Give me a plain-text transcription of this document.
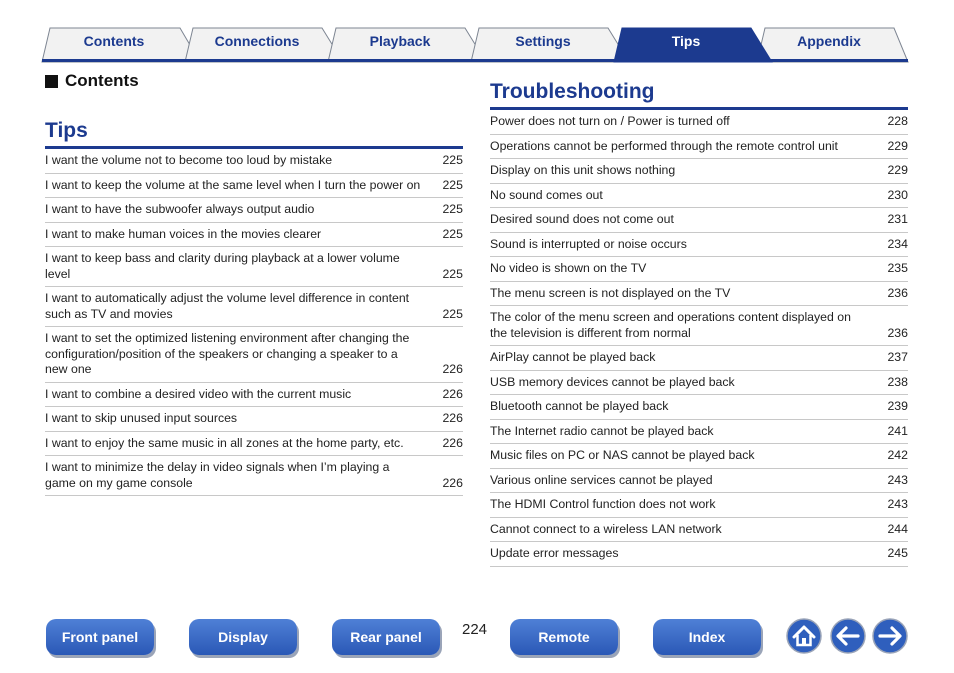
Contents	Connections	Playback	Settings	Tips	Appendix
Contents
Tips
I want the volume not to become too loud by mistake	225
I want to keep the volume at the same level when I turn the power on	225
I want to have the subwoofer always output audio	225
I want to make human voices in the movies clearer	225
I want to keep bass and clarity during playback at a lower volume level	225
I want to automatically adjust the volume level difference in content such as TV and movies	225
I want to set the optimized listening environment after changing the configuration/position of the speakers or changing a speaker to a new one	226
I want to combine a desired video with the current music	226
I want to skip unused input sources	226
I want to enjoy the same music in all zones at the home party, etc.	226
I want to minimize the delay in video signals when I’m playing a game on my game console	226
Troubleshooting
Power does not turn on / Power is turned off	228
Operations cannot be performed through the remote control unit	229
Display on this unit shows nothing	229
No sound comes out	230
Desired sound does not come out	231
Sound is interrupted or noise occurs	234
No video is shown on the TV	235
The menu screen is not displayed on the TV	236
The color of the menu screen and operations content displayed on the television is different from normal	236
AirPlay cannot be played back	237
USB memory devices cannot be played back	238
Bluetooth cannot be played back	239
The Internet radio cannot be played back	241
Music files on PC or NAS cannot be played back	242
Various online services cannot be played	243
The HDMI Control function does not work	243
Cannot connect to a wireless LAN network	244
Update error messages	245
Front panel	Display	Rear panel	224	Remote	Index
